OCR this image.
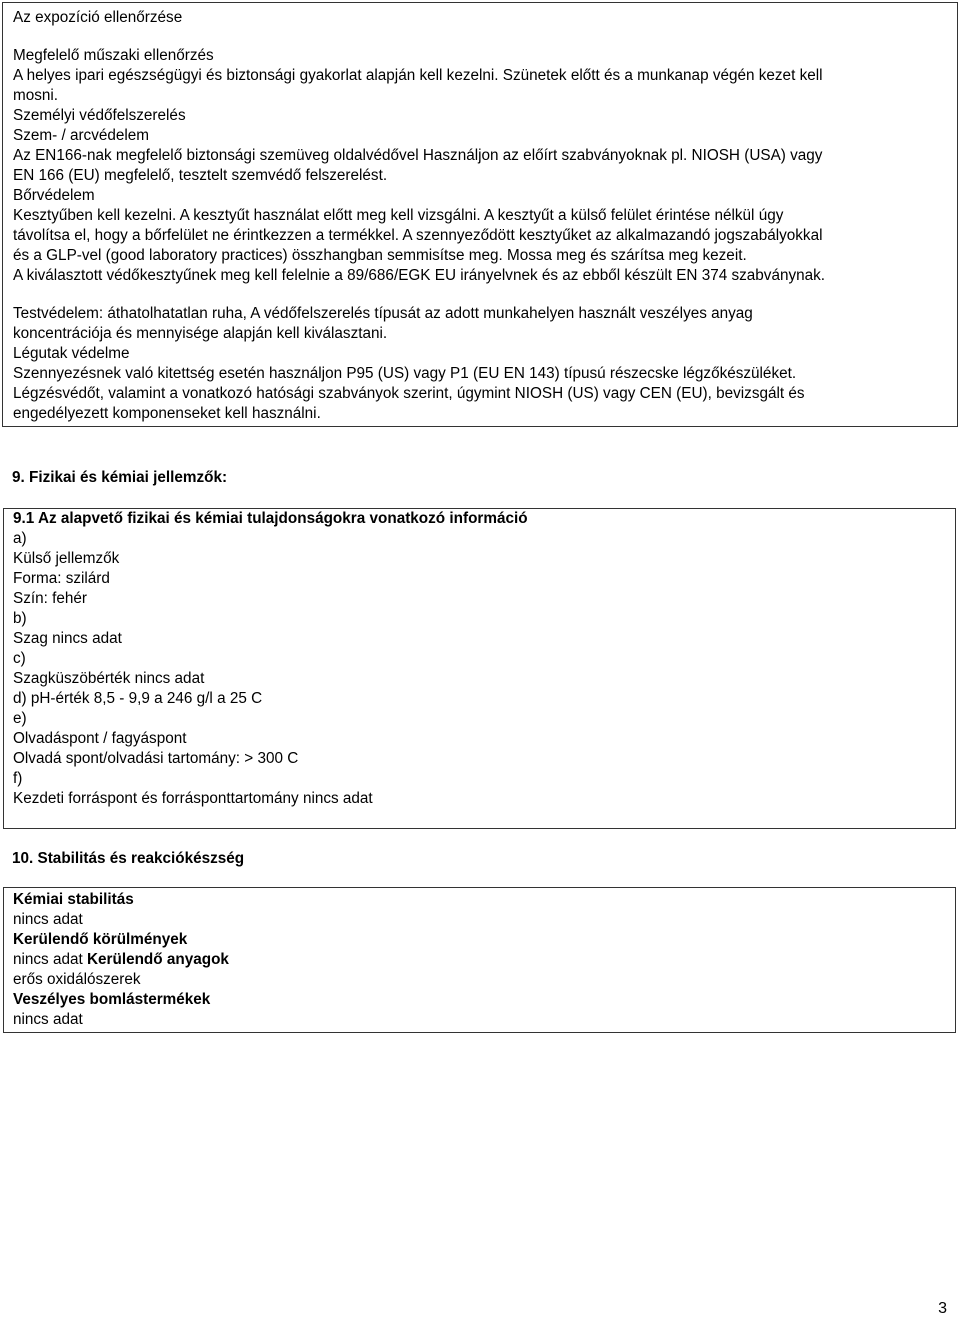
Az expozíció ellenőrzése
Megfelelő műszaki ellenőrzés
A helyes ipari egészségügyi és biztonsági gyakorlat alapján kell kezelni. Szünetek előtt és a munkanap végén kezet kell
mosni.
Személyi védőfelszerelés
Szem- / arcvédelem
Az EN166-nak megfelelő biztonsági szemüveg oldalvédővel Használjon az előírt szabványoknak pl. NIOSH (USA) vagy
EN 166 (EU) megfelelő, tesztelt szemvédő felszerelést.
Bőrvédelem
Kesztyűben kell kezelni. A kesztyűt használat előtt meg kell vizsgálni. A kesztyűt a külső felület érintése nélkül úgy
távolítsa el, hogy a bőrfelület ne érintkezzen a termékkel. A szennyeződött kesztyűket az alkalmazandó jogszabályokkal
és a GLP-vel (good laboratory practices) összhangban semmisítse meg. Mossa meg és szárítsa meg kezeit.
A kiválasztott védőkesztyűnek meg kell felelnie a 89/686/EGK EU irányelvnek és az ebből készült EN 374 szabványnak.
Testvédelem: áthatolhatatlan ruha, A védőfelszerelés típusát az adott munkahelyen használt veszélyes anyag
koncentrációja és mennyisége alapján kell kiválasztani.
Légutak védelme
Szennyezésnek való kitettség esetén használjon P95 (US) vagy P1 (EU EN 143) típusú részecske légzőkészüléket.
Légzésvédőt, valamint a vonatkozó hatósági szabványok szerint, úgymint NIOSH (US) vagy CEN (EU), bevizsgált és
engedélyezett komponenseket kell használni.
9. Fizikai és kémiai jellemzők:
9.1 Az alapvető fizikai és kémiai tulajdonságokra vonatkozó információ
a)
Külső jellemzők
Forma: szilárd
Szín: fehér
b)
Szag nincs adat
c)
Szagküszöbérték nincs adat
d) pH-érték 8,5 - 9,9 a 246 g/l a 25 C
e)
Olvadáspont / fagyáspont
Olvadá spont/olvadási tartomány: > 300 C
f)
Kezdeti forráspont és forrásponttartomány nincs adat
10. Stabilitás és reakciókészség
Kémiai stabilitás
nincs adat
Kerülendő körülmények
nincs adat Kerülendő anyagok
erős oxidálószerek
Veszélyes bomlástermékek
nincs adat
3
